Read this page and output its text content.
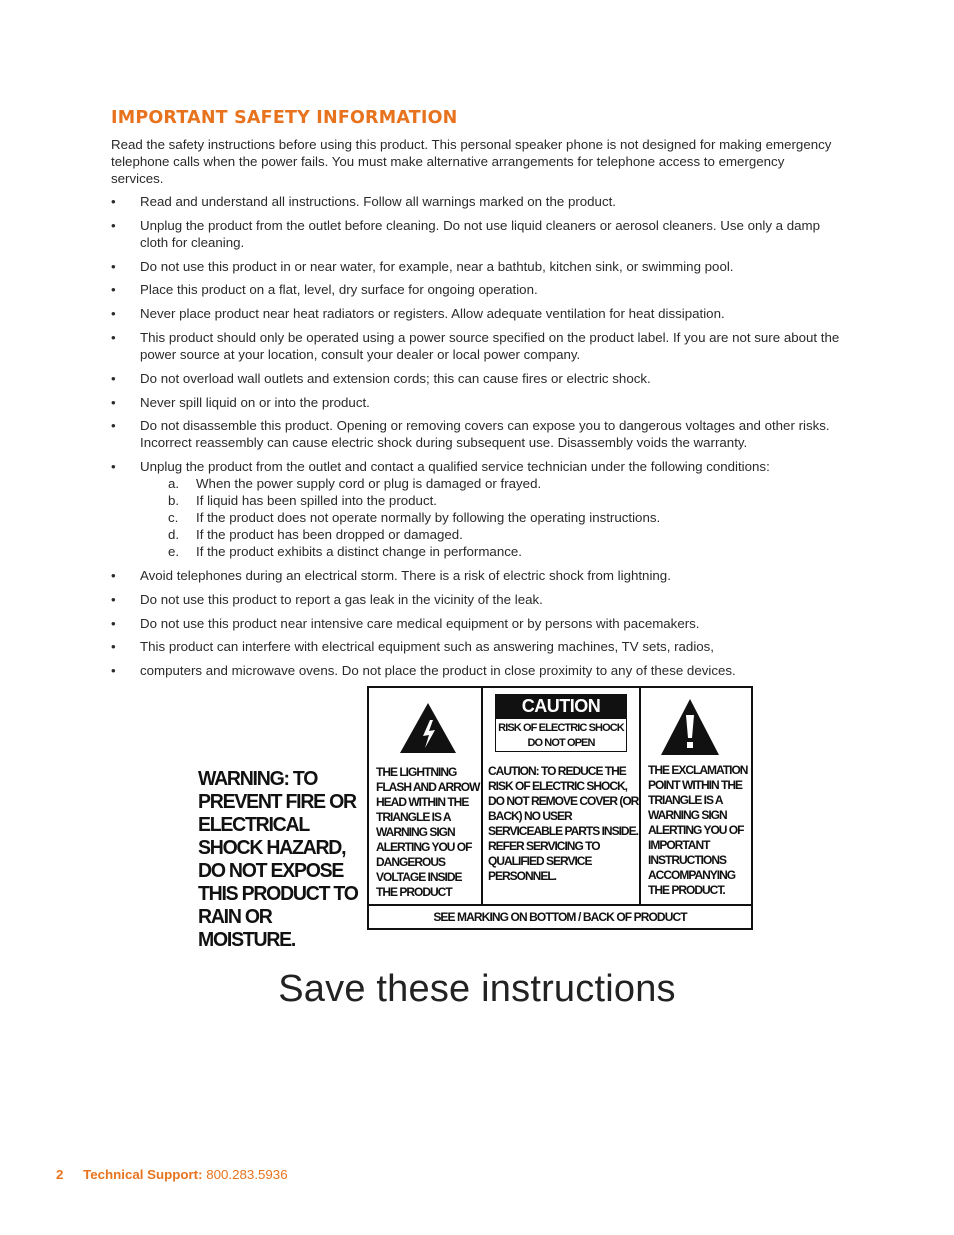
IMPORTANT SAFETY INFORMATION

Read the safety instructions before using this product. This personal speaker phone is not designed for making emergency telephone calls when the power fails. You must make alternative arrangements for telephone access to emergency services.

• Read and understand all instructions. Follow all warnings marked on the product.
• Unplug the product from the outlet before cleaning. Do not use liquid cleaners or aerosol cleaners. Use only a damp cloth for cleaning.
• Do not use this product in or near water, for example, near a bathtub, kitchen sink, or swimming pool.
• Place this product on a flat, level, dry surface for ongoing operation.
• Never place product near heat radiators or registers. Allow adequate ventilation for heat dissipation.
• This product should only be operated using a power source specified on the product label. If you are not sure about the power source at your location, consult your dealer or local power company.
• Do not overload wall outlets and extension cords; this can cause fires or electric shock.
• Never spill liquid on or into the product.
• Do not disassemble this product. Opening or removing covers can expose you to dangerous voltages and other risks. Incorrect reassembly can cause electric shock during subsequent use. Disassembly voids the warranty.
• Unplug the product from the outlet and contact a qualified service technician under the following conditions:
a. When the power supply cord or plug is damaged or frayed.
b. If liquid has been spilled into the product.
c. If the product does not operate normally by following the operating instructions.
d. If the product has been dropped or damaged.
e. If the product exhibits a distinct change in performance.
• Avoid telephones during an electrical storm. There is a risk of electric shock from lightning.
• Do not use this product to report a gas leak in the vicinity of the leak.
• Do not use this product near intensive care medical equipment or by persons with pacemakers.
• This product can interfere with electrical equipment such as answering machines, TV sets, radios,
• computers and microwave ovens. Do not place the product in close proximity to any of these devices.
WARNING: TO PREVENT FIRE OR ELECTRICAL SHOCK HAZARD, DO NOT EXPOSE THIS PRODUCT TO RAIN OR MOISTURE.
THE LIGHTNING FLASH AND ARROW HEAD WITHIN THE TRIANGLE IS A WARNING SIGN ALERTING YOU OF DANGEROUS VOLTAGE INSIDE THE PRODUCT
CAUTION
RISK OF ELECTRIC SHOCK DO NOT OPEN
CAUTION: TO REDUCE THE RISK OF ELECTRIC SHOCK, DO NOT REMOVE COVER (OR BACK) NO USER SERVICEABLE PARTS INSIDE. REFER SERVICING TO QUALIFIED SERVICE PERSONNEL.
THE EXCLAMATION POINT WITHIN THE TRIANGLE IS A WARNING SIGN ALERTING YOU OF IMPORTANT INSTRUCTIONS ACCOMPANYING THE PRODUCT.
SEE MARKING ON BOTTOM / BACK OF PRODUCT
Save these instructions
2 Technical Support: 800.283.5936
